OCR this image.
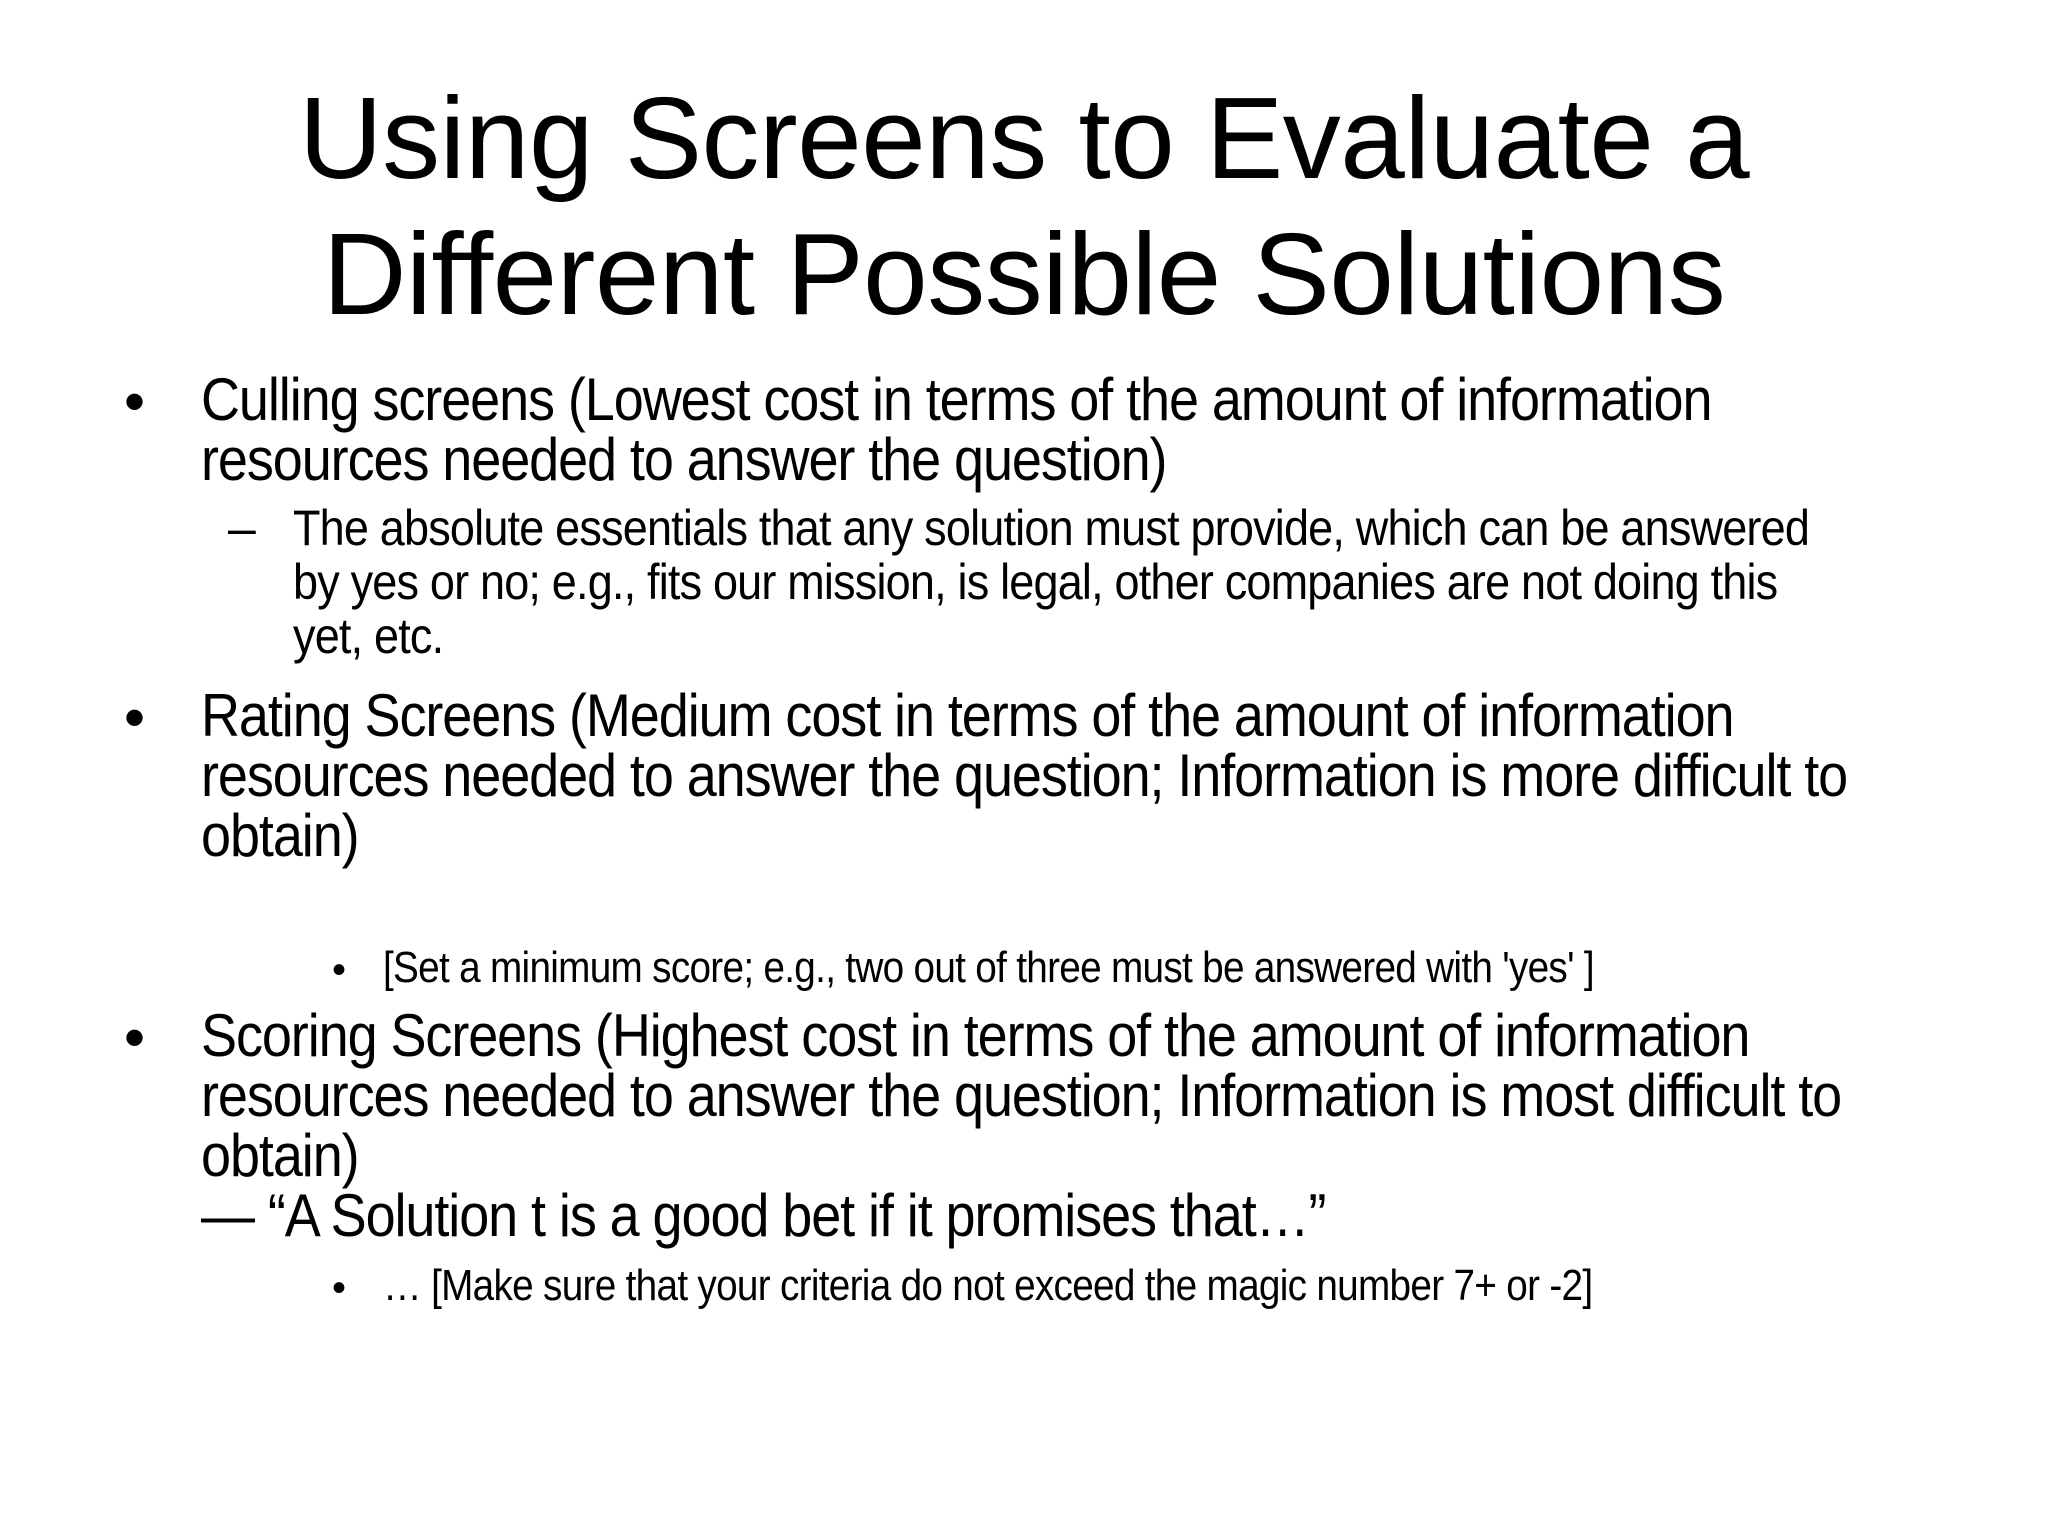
Using Screens to Evaluate a
Different Possible Solutions
• Culling screens (Lowest cost in terms of the amount of information
resources needed to answer the question)
– The absolute essentials that any solution must provide, which can be answered
by yes or no; e.g., fits our mission, is legal, other companies are not doing this
yet, etc.
• Rating Screens (Medium cost in terms of the amount of information
resources needed to answer the question; Information is more difficult to
obtain)
• [Set a minimum score; e.g., two out of three must be answered with 'yes' ]
• Scoring Screens (Highest cost in terms of the amount of information
resources needed to answer the question; Information is most difficult to
obtain)
— “A Solution t is a good bet if it promises that…”
• … [Make sure that your criteria do not exceed the magic number 7+ or -2]
